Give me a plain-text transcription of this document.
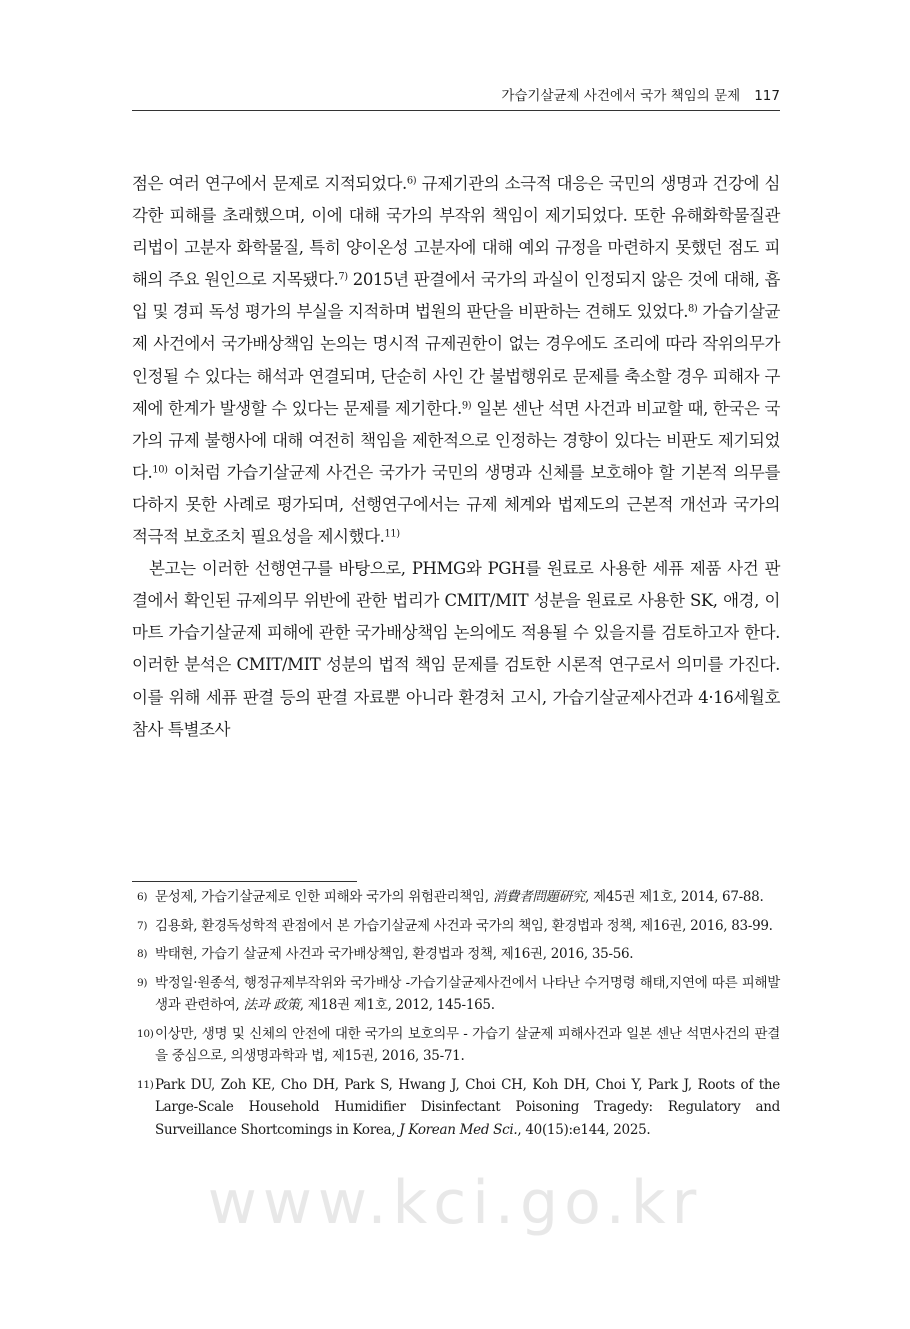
가습기살균제 사건에서 국가 책임의 문제 117

점은 여러 연구에서 문제로 지적되었다.$^{6)}$ 규제기관의 소극적 대응은 국민의 생명과 건강에 심각한 피해를 초래했으며, 이에 대해 국가의 부작위 책임이 제기되었다. 또한 유해화학물질관리법이 고분자 화학물질, 특히 양이온성 고분자에 대해 예외 규정을 마련하지 못했던 점도 피해의 주요 원인으로 지목됐다.$^{7)}$ 2015년 판결에서 국가의 과실이 인정되지 않은 것에 대해, 흡입 및 경피 독성 평가의 부실을 지적하며 법원의 판단을 비판하는 견해도 있었다.$^{8)}$ 가습기살균제 사건에서 국가배상책임 논의는 명시적 규제권한이 없는 경우에도 조리에 따라 작위의무가 인정될 수 있다는 해석과 연결되며, 단순히 사인 간 불법행위로 문제를 축소할 경우 피해자 구제에 한계가 발생할 수 있다는 문제를 제기한다.$^{9)}$ 일본 센난 석면 사건과 비교할 때, 한국은 국가의 규제 불행사에 대해 여전히 책임을 제한적으로 인정하는 경향이 있다는 비판도 제기되었다.$^{10)}$ 이처럼 가습기살균제 사건은 국가가 국민의 생명과 신체를 보호해야 할 기본적 의무를 다하지 못한 사례로 평가되며, 선행연구에서는 규제 체계와 법제도의 근본적 개선과 국가의 적극적 보호조치 필요성을 제시했다.$^{11)}$

본고는 이러한 선행연구를 바탕으로, PHMG와 PGH를 원료로 사용한 세퓨 제품 사건 판결에서 확인된 규제의무 위반에 관한 법리가 CMIT/MIT 성분을 원료로 사용한 SK, 애경, 이마트 가습기살균제 피해에 관한 국가배상책임 논의에도 적용될 수 있을지를 검토하고자 한다. 이러한 분석은 CMIT/MIT 성분의 법적 책임 문제를 검토한 시론적 연구로서 의미를 가진다. 이를 위해 세퓨 판결 등의 판결 자료뿐 아니라 환경처 고시, 가습기살균제사건과 4·16세월호참사 특별조사

6) 문성제, 가습기살균제로 인한 피해와 국가의 위험관리책임, 消費者問題硏究, 제45권 제1호, 2014, 67-88.
7) 김용화, 환경독성학적 관점에서 본 가습기살균제 사건과 국가의 책임, 환경법과 정책, 제16권, 2016, 83-99.
8) 박태현, 가습기 살균제 사건과 국가배상책임, 환경법과 정책, 제16권, 2016, 35-56.
9) 박정일·원종석, 행정규제부작위와 국가배상 -가습기살균제사건에서 나타난 수거명령 해태,지연에 따른 피해발생과 관련하여, 法과 政策, 제18권 제1호, 2012, 145-165.
10) 이상만, 생명 및 신체의 안전에 대한 국가의 보호의무 - 가습기 살균제 피해사건과 일본 센난 석면사건의 판결을 중심으로, 의생명과학과 법, 제15권, 2016, 35-71.
11) Park DU, Zoh KE, Cho DH, Park S, Hwang J, Choi CH, Koh DH, Choi Y, Park J, Roots of the Large-Scale Household Humidifier Disinfectant Poisoning Tragedy: Regulatory and Surveillance Shortcomings in Korea, J Korean Med Sci., 40(15):e144, 2025.
www.kci.go.kr
